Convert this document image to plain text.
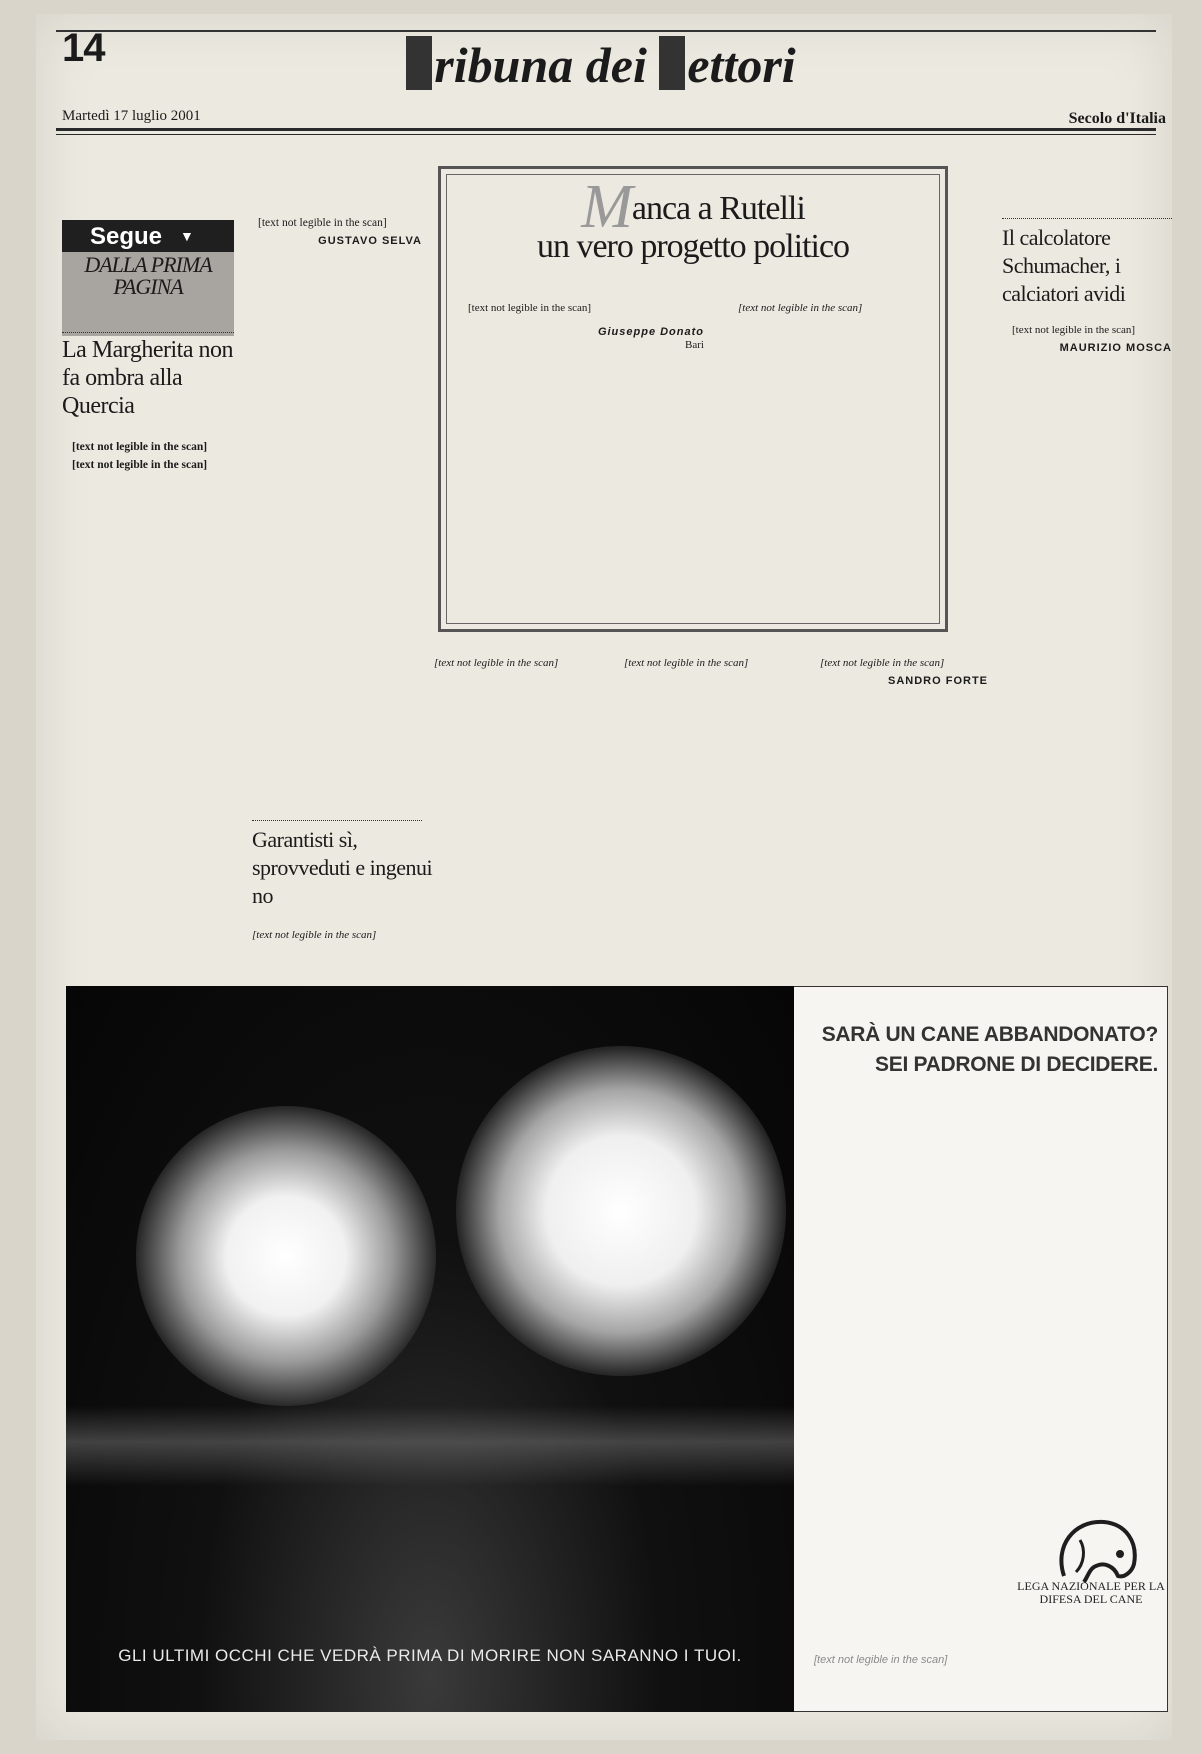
14	ribuna dei ettori
Martedì 17 luglio 2001	Secolo d'Italia
Segue ▼
DALLA PRIMA PAGINA
La Margherita non fa ombra alla Quercia

[text not legible in the scan]

[text not legible in the scan]

[text not legible in the scan]

GUSTAVO SELVA
Manca a Rutelli
un vero progetto politico

[text not legible in the scan]

Giuseppe Donato
Bari

[text not legible in the scan]

Garantisti sì, sprovveduti e ingenui no

[text not legible in the scan]

[text not legible in the scan]	[text not legible in the scan]	[text not legible in the scan]

SANDRO FORTE
Il calcolatore Schumacher, i calciatori avidi

[text not legible in the scan]

MAURIZIO MOSCA
GLI ULTIMI OCCHI CHE VEDRÀ PRIMA DI MORIRE NON SARANNO I TUOI.
SARÀ UN CANE ABBANDONATO?
SEI PADRONE DI DECIDERE.
LEGA NAZIONALE PER LA DIFESA DEL CANE
[text not legible in the scan]
